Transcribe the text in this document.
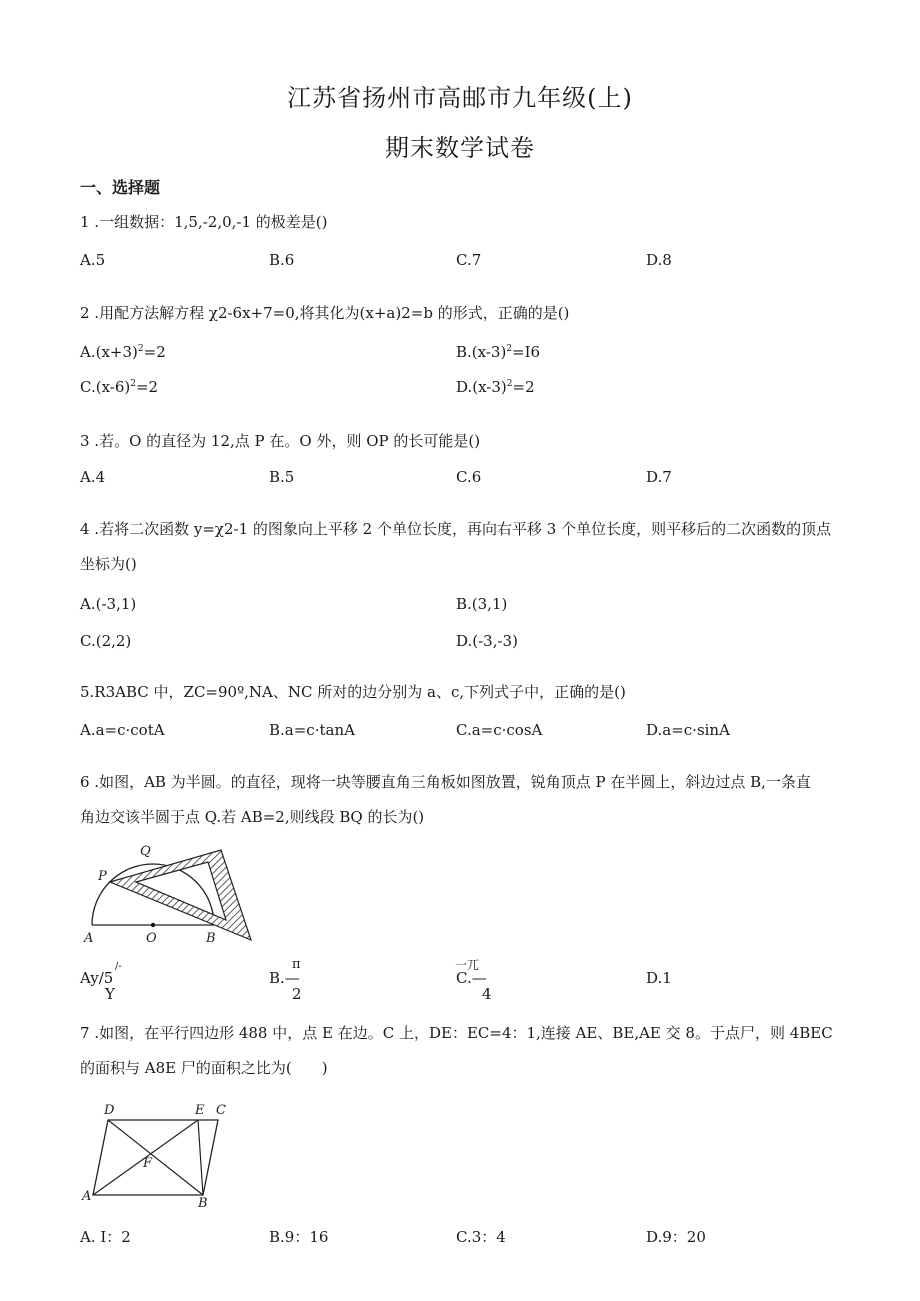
江苏省扬州市高邮市九年级(上)
期末数学试卷
一、选择题
1 .一组数据：1,5,-2,0,-1 的极差是()
A.5	B.6	C.7	D.8
2 .用配方法解方程 χ2-6x+7=0,将其化为(x+a)2=b 的形式，正确的是()
$A.(x+3)^2=2$	$B.(x-3)^2=I6$
$C.(x-6)^2=2$	$D.(x-3)^2=2$
3 .若。O 的直径为 12,点 P 在。O 外，则 OP 的长可能是()
A.4	B.5	C.6	D.7
4 .若将二次函数 y=χ2-1 的图象向上平移 2 个单位长度，再向右平移 3 个单位长度，则平移后的二次函数的顶点
坐标为()
A.(-3,1)	B.(3,1)
C.(2,2)	D.(-3,-3)
5.R3ABC 中，ZC=90º,NA、NC 所对的边分别为 a、c,下列式子中，正确的是()
A.a=c·cotA	B.a=c·tanA	C.a=c·cosA	D.a=c·sinA
6 .如图，AB 为半圆。的直径，现将一块等腰直角三角板如图放置，锐角顶点 P 在半圆上，斜边过点 B,一条直
角边交该半圆于点 Q.若 AB=2,则线段 BQ 的长为()
P
Q
A	O	B
Ay/5
/-
Y
B.—
π
2
一兀
C.—
4
D.1
7 .如图，在平行四边形 488 中，点 E 在边。C 上，DE：EC=4：1,连接 AE、BE,AE 交 8。于点尸，则 4BEC
的面积与 A8E 尸的面积之比为(　　)
D	E C
F
A	B
A. I：2	B.9：16	C.3：4	D.9：20
